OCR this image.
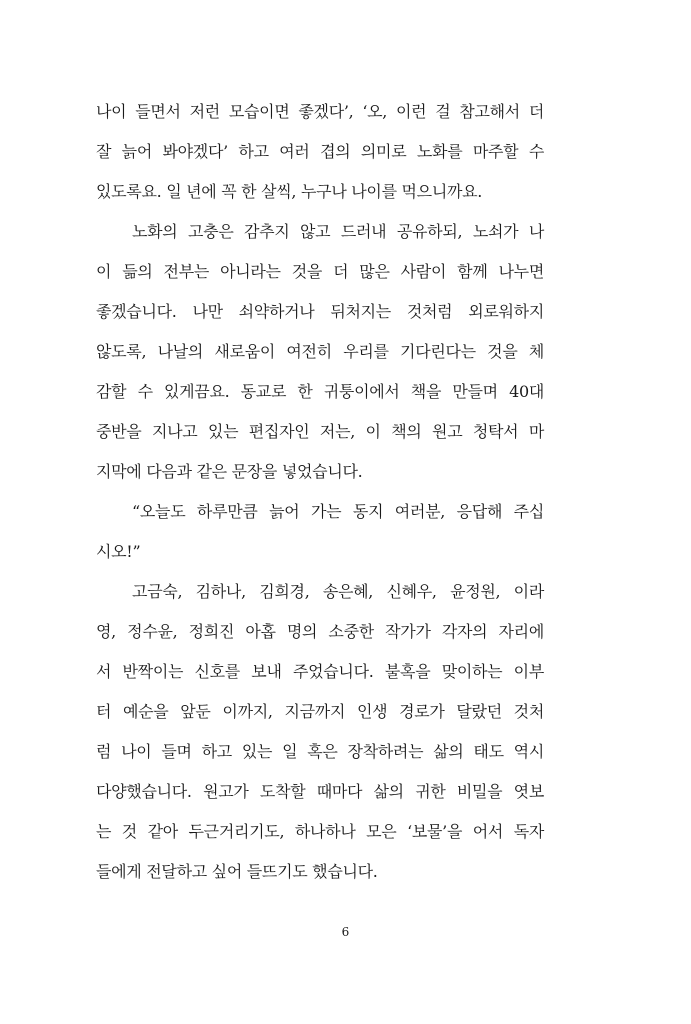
나이 들면서 저런 모습이면 좋겠다’, ‘오, 이런 걸 참고해서 더
잘 늙어 봐야겠다’ 하고 여러 겹의 의미로 노화를 마주할 수
있도록요. 일 년에 꼭 한 살씩, 누구나 나이를 먹으니까요.
노화의 고충은 감추지 않고 드러내 공유하되, 노쇠가 나
이 듦의 전부는 아니라는 것을 더 많은 사람이 함께 나누면
좋겠습니다. 나만 쇠약하거나 뒤처지는 것처럼 외로워하지
않도록, 나날의 새로움이 여전히 우리를 기다린다는 것을 체
감할 수 있게끔요. 동교로 한 귀퉁이에서 책을 만들며 40대
중반을 지나고 있는 편집자인 저는, 이 책의 원고 청탁서 마
지막에 다음과 같은 문장을 넣었습니다.
“오늘도 하루만큼 늙어 가는 동지 여러분, 응답해 주십
시오!”
고금숙, 김하나, 김희경, 송은혜, 신혜우, 윤정원, 이라
영, 정수윤, 정희진 아홉 명의 소중한 작가가 각자의 자리에
서 반짝이는 신호를 보내 주었습니다. 불혹을 맞이하는 이부
터 예순을 앞둔 이까지, 지금까지 인생 경로가 달랐던 것처
럼 나이 들며 하고 있는 일 혹은 장착하려는 삶의 태도 역시
다양했습니다. 원고가 도착할 때마다 삶의 귀한 비밀을 엿보
는 것 같아 두근거리기도, 하나하나 모은 ‘보물’을 어서 독자
들에게 전달하고 싶어 들뜨기도 했습니다.
6
